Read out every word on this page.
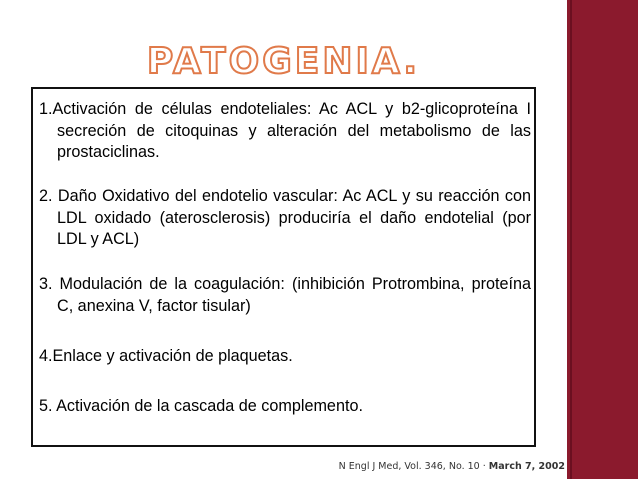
PATOGENIA.
1.Activación de células endoteliales: Ac ACL y b2-glicoproteína I secreción de citoquinas y alteración del metabolismo de las prostaciclinas.
2. Daño Oxidativo del endotelio vascular: Ac ACL y su reacción con LDL oxidado (aterosclerosis) produciría el daño endotelial (por LDL y ACL)
3. Modulación de la coagulación: (inhibición Protrombina, proteína C, anexina V, factor tisular)
4.Enlace y activación de plaquetas.
5. Activación de la cascada de complemento.
N Engl J Med, Vol. 346, No. 10 · March 7, 2002
